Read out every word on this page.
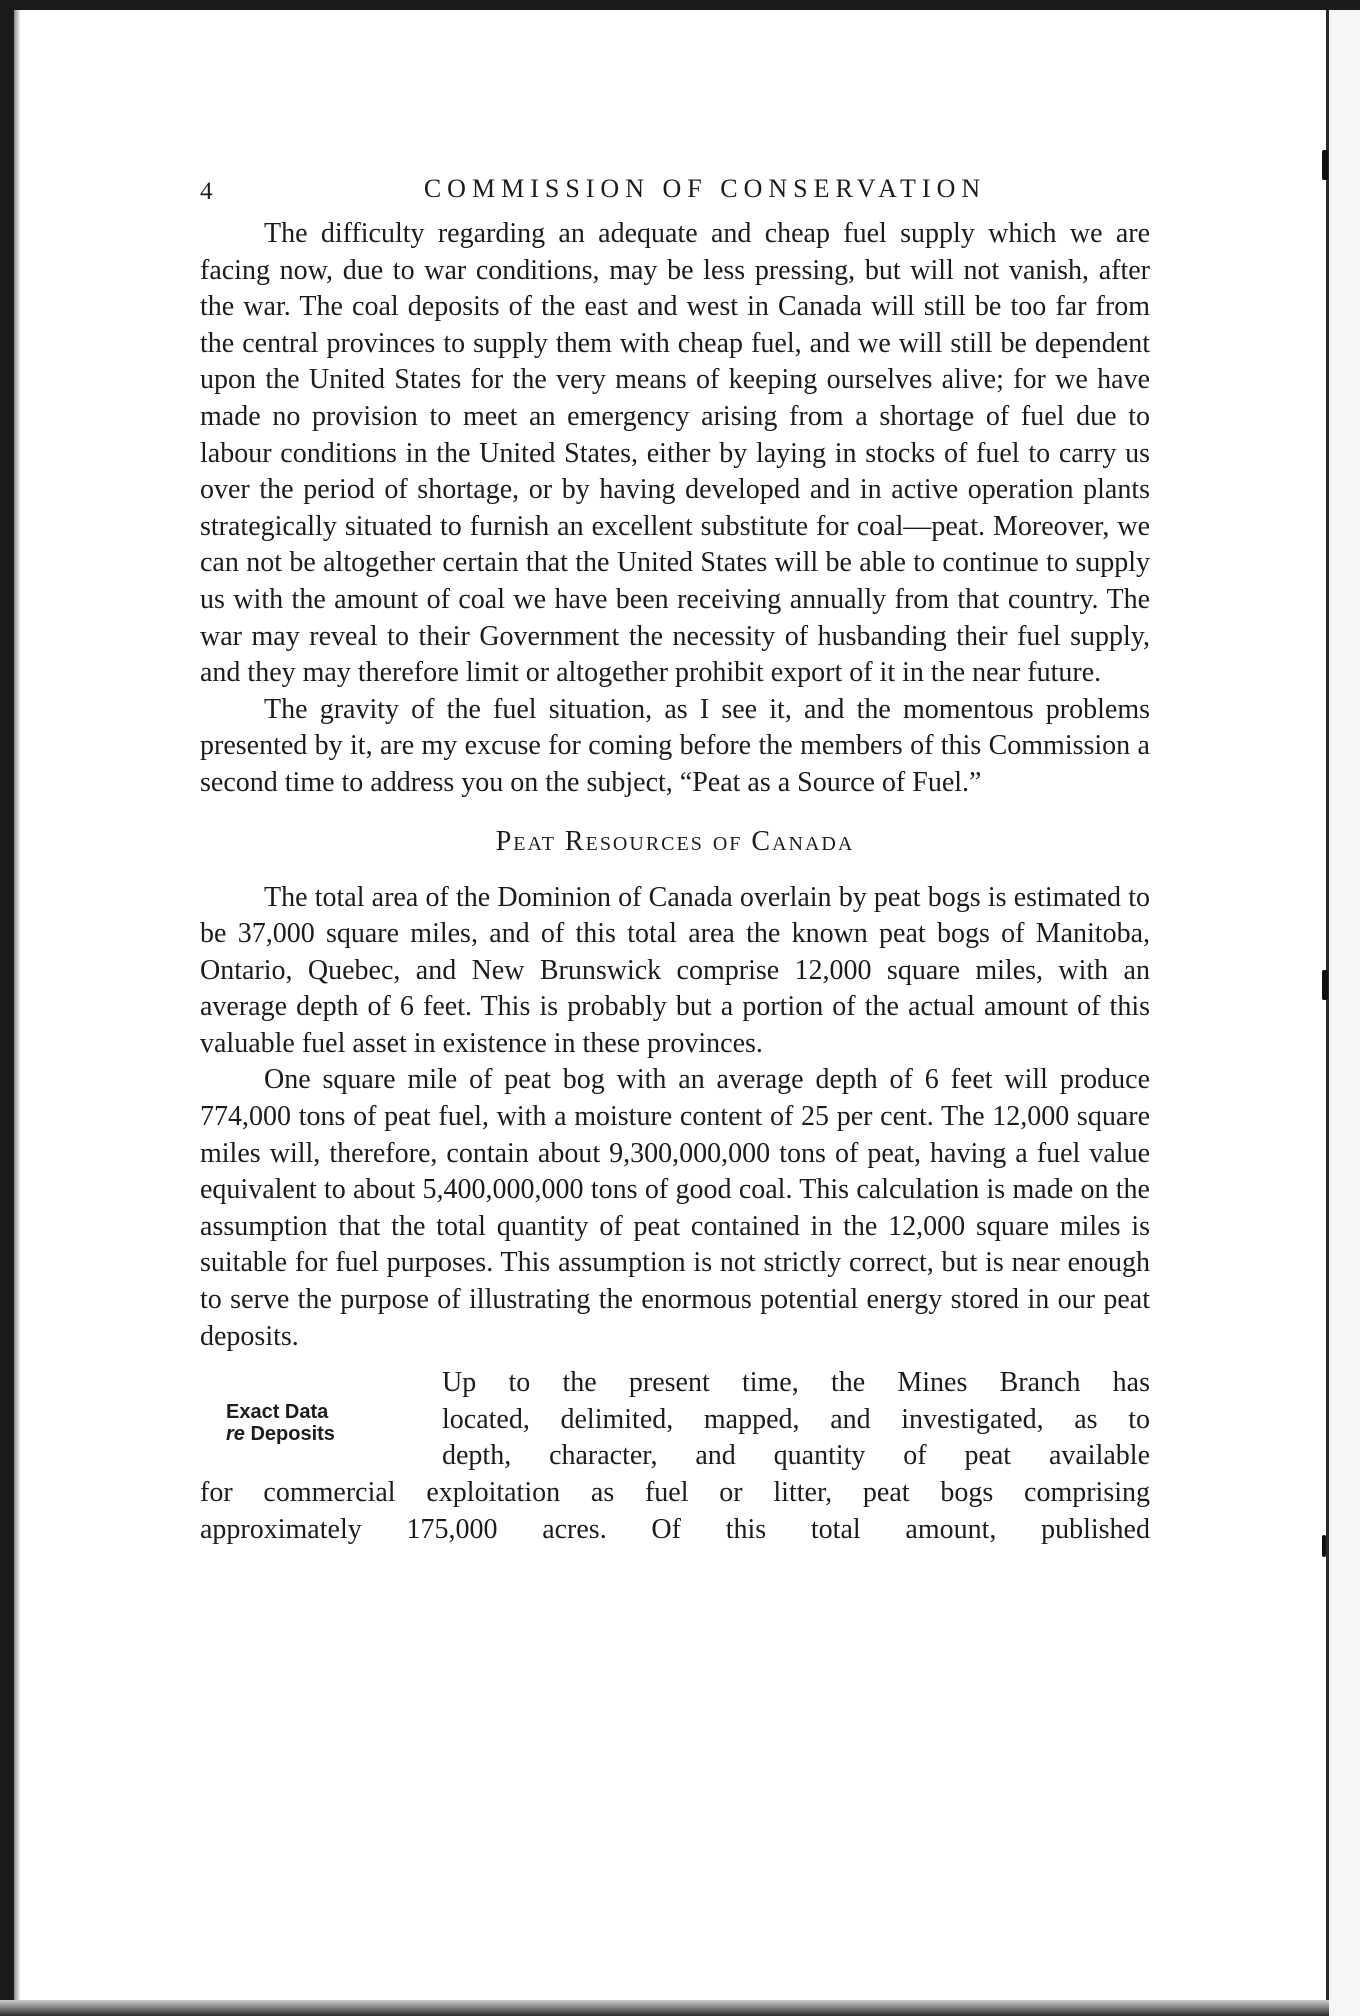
4	COMMISSION OF CONSERVATION

The difficulty regarding an adequate and cheap fuel supply which we are facing now, due to war conditions, may be less pressing, but will not vanish, after the war. The coal deposits of the east and west in Canada will still be too far from the central provinces to supply them with cheap fuel, and we will still be dependent upon the United States for the very means of keeping ourselves alive; for we have made no provision to meet an emergency arising from a shortage of fuel due to labour conditions in the United States, either by laying in stocks of fuel to carry us over the period of shortage, or by having developed and in active operation plants strategically situated to furnish an excellent substitute for coal—peat. Moreover, we can not be altogether certain that the United States will be able to continue to supply us with the amount of coal we have been receiving annually from that country. The war may reveal to their Government the necessity of husbanding their fuel supply, and they may therefore limit or altogether prohibit export of it in the near future.

The gravity of the fuel situation, as I see it, and the momentous problems presented by it, are my excuse for coming before the members of this Commission a second time to address you on the subject, “Peat as a Source of Fuel.”

Peat Resources of Canada

The total area of the Dominion of Canada overlain by peat bogs is estimated to be 37,000 square miles, and of this total area the known peat bogs of Manitoba, Ontario, Quebec, and New Brunswick comprise 12,000 square miles, with an average depth of 6 feet. This is probably but a portion of the actual amount of this valuable fuel asset in existence in these provinces.

One square mile of peat bog with an average depth of 6 feet will produce 774,000 tons of peat fuel, with a moisture content of 25 per cent. The 12,000 square miles will, therefore, contain about 9,300,000,000 tons of peat, having a fuel value equivalent to about 5,400,000,000 tons of good coal. This calculation is made on the assumption that the total quantity of peat contained in the 12,000 square miles is suitable for fuel purposes. This assumption is not strictly correct, but is near enough to serve the purpose of illustrating the enormous potential energy stored in our peat deposits.

Exact Data
re Deposits
Up to the present time, the Mines Branch has
located, delimited, mapped, and investigated, as to
depth, character, and quantity of peat available
for commercial exploitation as fuel or litter, peat bogs comprising
approximately 175,000 acres. Of this total amount, published
